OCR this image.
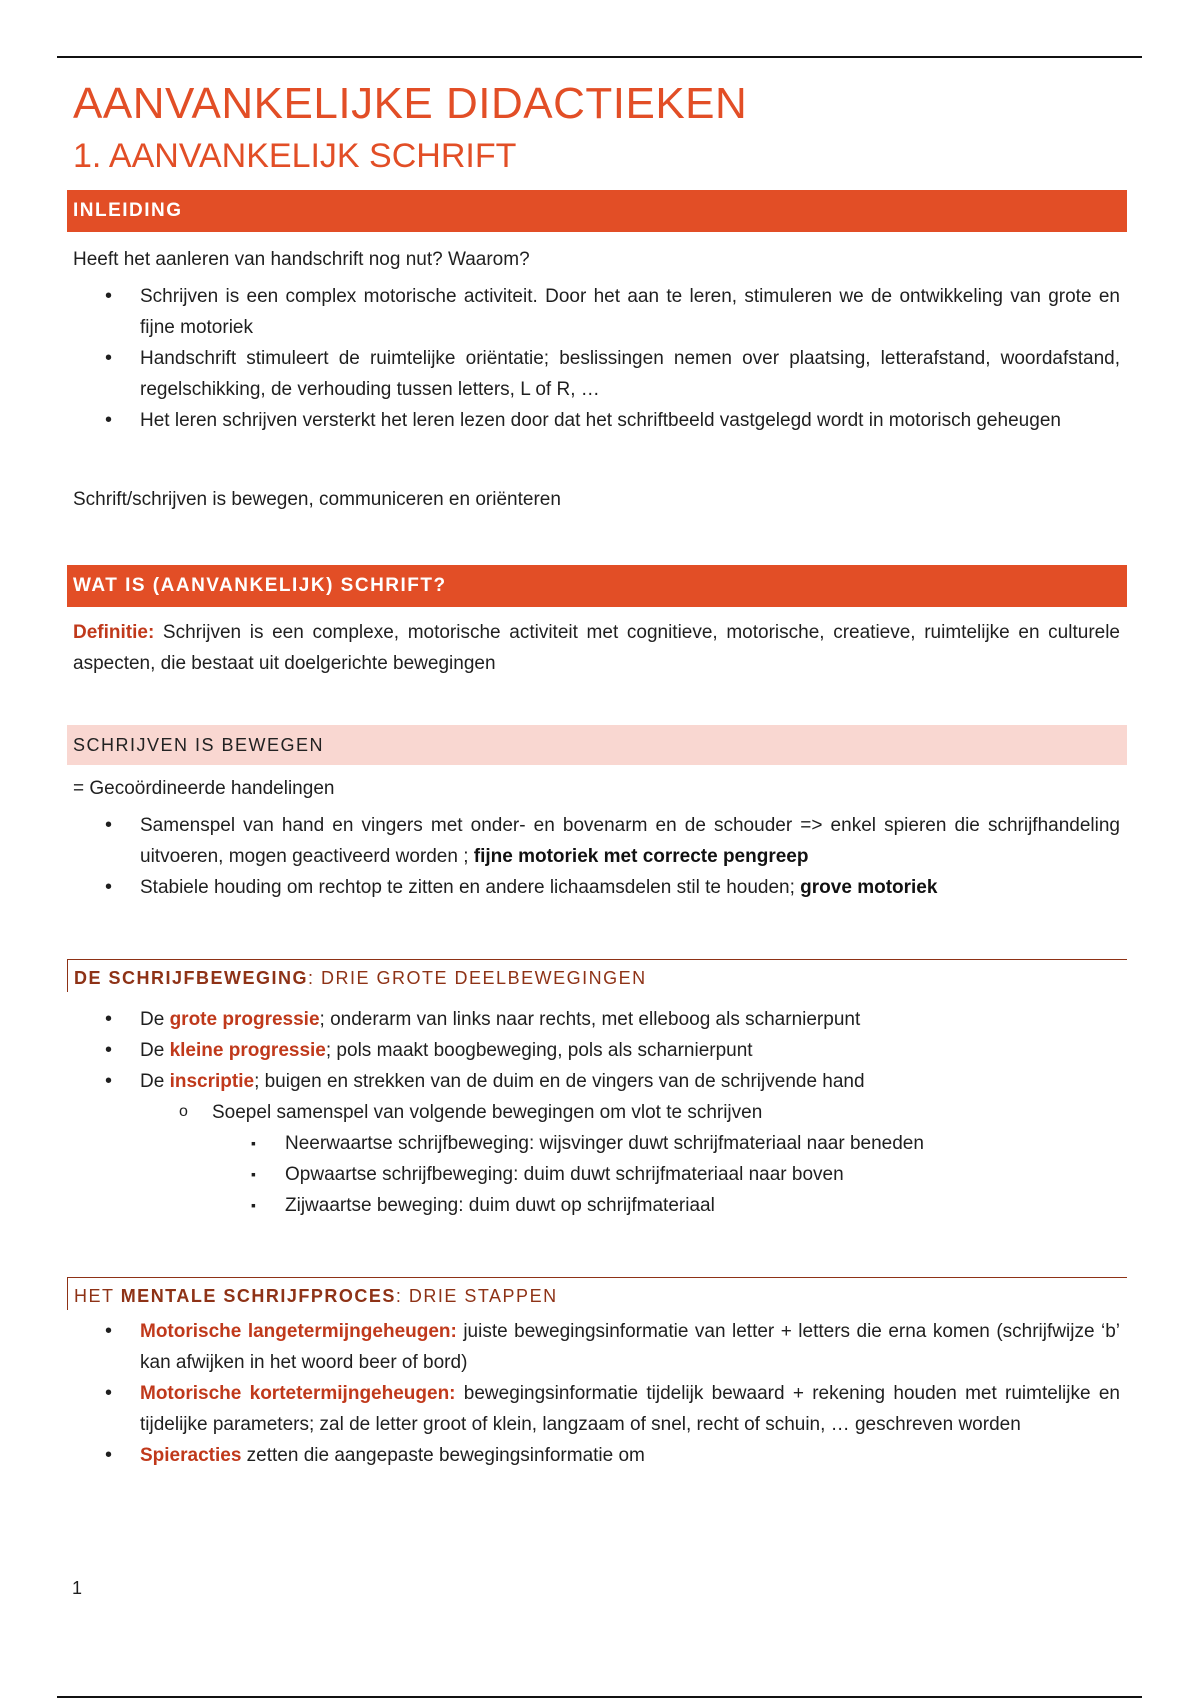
AANVANKELIJKE DIDACTIEKEN
1. AANVANKELIJK SCHRIFT
INLEIDING

Heeft het aanleren van handschrift nog nut? Waarom?

• Schrijven is een complex motorische activiteit. Door het aan te leren, stimuleren we de ontwikkeling van grote en fijne motoriek
• Handschrift stimuleert de ruimtelijke oriëntatie; beslissingen nemen over plaatsing, letterafstand, woordafstand, regelschikking, de verhouding tussen letters, L of R, …
• Het leren schrijven versterkt het leren lezen door dat het schriftbeeld vastgelegd wordt in motorisch geheugen

Schrift/schrijven is bewegen, communiceren en oriënteren

WAT IS (AANVANKELIJK) SCHRIFT?

Definitie: Schrijven is een complexe, motorische activiteit met cognitieve, motorische, creatieve, ruimtelijke en culturele aspecten, die bestaat uit doelgerichte bewegingen

SCHRIJVEN IS BEWEGEN

= Gecoördineerde handelingen

• Samenspel van hand en vingers met onder- en bovenarm en de schouder => enkel spieren die schrijfhandeling uitvoeren, mogen geactiveerd worden ; fijne motoriek met correcte pengreep
• Stabiele houding om rechtop te zitten en andere lichaamsdelen stil te houden; grove motoriek
DE SCHRIJFBEWEGING: DRIE GROTE DEELBEWEGINGEN
• De grote progressie; onderarm van links naar rechts, met elleboog als scharnierpunt
• De kleine progressie; pols maakt boogbeweging, pols als scharnierpunt
• De inscriptie; buigen en strekken van de duim en de vingers van de schrijvende hand
o Soepel samenspel van volgende bewegingen om vlot te schrijven
▪ Neerwaartse schrijfbeweging: wijsvinger duwt schrijfmateriaal naar beneden
▪ Opwaartse schrijfbeweging: duim duwt schrijfmateriaal naar boven
▪ Zijwaartse beweging: duim duwt op schrijfmateriaal
HET MENTALE SCHRIJFPROCES: DRIE STAPPEN
• Motorische langetermijngeheugen: juiste bewegingsinformatie van letter + letters die erna komen (schrijfwijze ‘b’ kan afwijken in het woord beer of bord)
• Motorische kortetermijngeheugen: bewegingsinformatie tijdelijk bewaard + rekening houden met ruimtelijke en tijdelijke parameters; zal de letter groot of klein, langzaam of snel, recht of schuin, … geschreven worden
• Spieracties zetten die aangepaste bewegingsinformatie om
1
